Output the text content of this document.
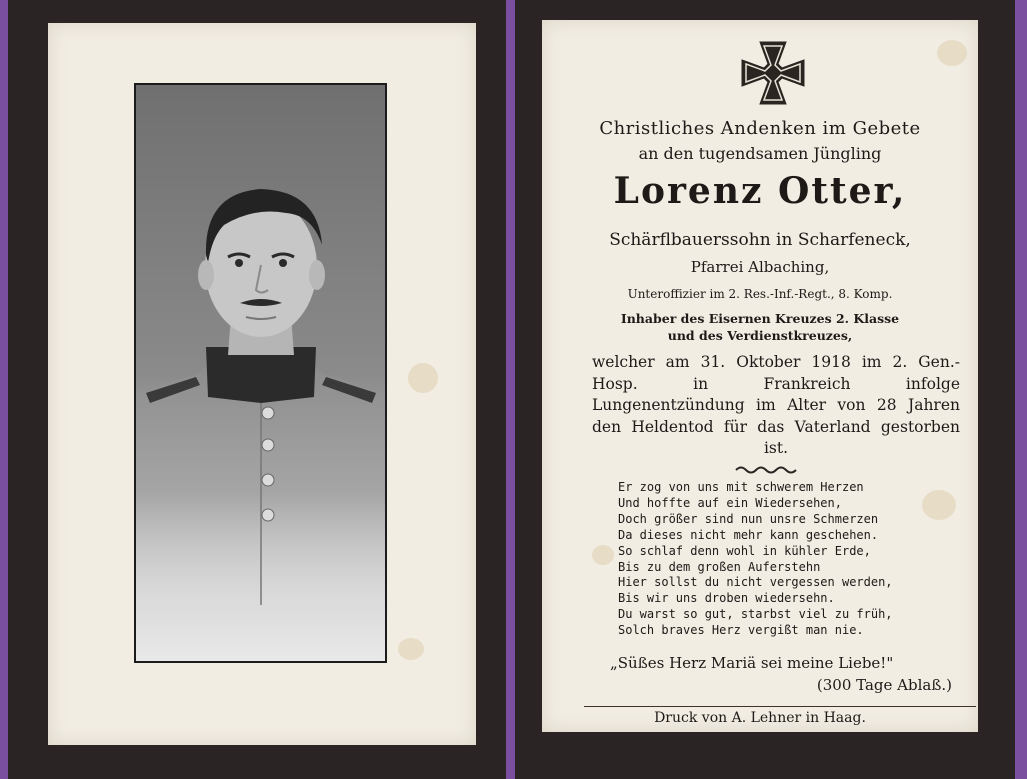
Christliches Andenken im Gebete
an den tugendsamen Jüngling
Lorenz Otter,
Schärflbauerssohn in Scharfeneck,
Pfarrei Albaching,
Unteroffizier im 2. Res.-Inf.-Regt., 8. Komp.
Inhaber des Eisernen Kreuzes 2. Klasse
und des Verdienstkreuzes,
welcher am 31. Oktober 1918 im 2. Gen.-Hosp. in Frankreich infolge Lungenentzündung im Alter von 28 Jahren den Heldentod für das Vaterland gestorben ist.
Er zog von uns mit schwerem Herzen
Und hoffte auf ein Wiedersehen,
Doch größer sind nun unsre Schmerzen
Da dieses nicht mehr kann geschehen.
So schlaf denn wohl in kühler Erde,
Bis zu dem großen Auferstehn
Hier sollst du nicht vergessen werden,
Bis wir uns droben wiedersehn.
Du warst so gut, starbst viel zu früh,
Solch braves Herz vergißt man nie.
„Süßes Herz Mariä sei meine Liebe!"
(300 Tage Ablaß.)
Druck von A. Lehner in Haag.
